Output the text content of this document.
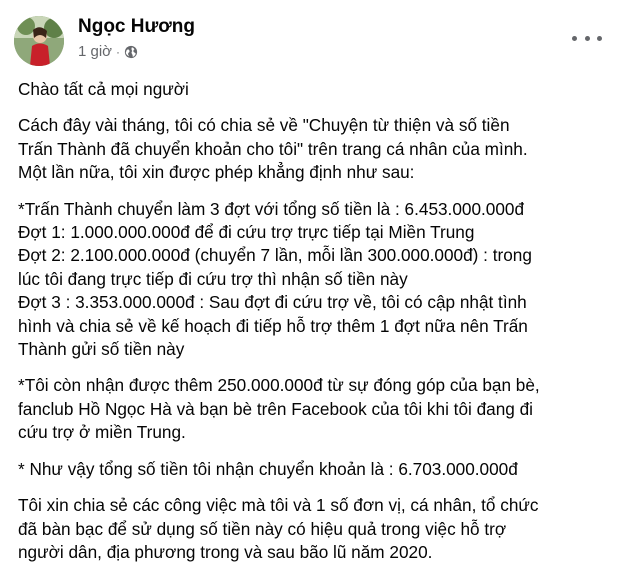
Ngọc Hương
1 giờ ·

Chào tất cả mọi người

Cách đây vài tháng, tôi có chia sẻ về "Chuyện từ thiện và số tiền
Trấn Thành đã chuyển khoản cho tôi" trên trang cá nhân của mình.
Một lần nữa, tôi xin được phép khẳng định như sau:

*Trấn Thành chuyển làm 3 đợt với tổng số tiền là : 6.453.000.000đ
Đợt 1: 1.000.000.000đ để đi cứu trợ trực tiếp tại Miền Trung
Đợt 2: 2.100.000.000đ (chuyển 7 lần, mỗi lần 300.000.000đ) : trong
lúc tôi đang trực tiếp đi cứu trợ thì nhận số tiền này
Đợt 3 : 3.353.000.000đ : Sau đợt đi cứu trợ về, tôi có cập nhật tình
hình và chia sẻ về kế hoạch đi tiếp hỗ trợ thêm 1 đợt nữa nên Trấn
Thành gửi số tiền này

*Tôi còn nhận được thêm 250.000.000đ từ sự đóng góp của bạn bè,
fanclub Hồ Ngọc Hà và bạn bè trên Facebook của tôi khi tôi đang đi
cứu trợ ở miền Trung.

* Như vậy tổng số tiền tôi nhận chuyển khoản là : 6.703.000.000đ

Tôi xin chia sẻ các công việc mà tôi và 1 số đơn vị, cá nhân, tổ chức
đã bàn bạc để sử dụng số tiền này có hiệu quả trong việc hỗ trợ
người dân, địa phương trong và sau bão lũ năm 2020.
